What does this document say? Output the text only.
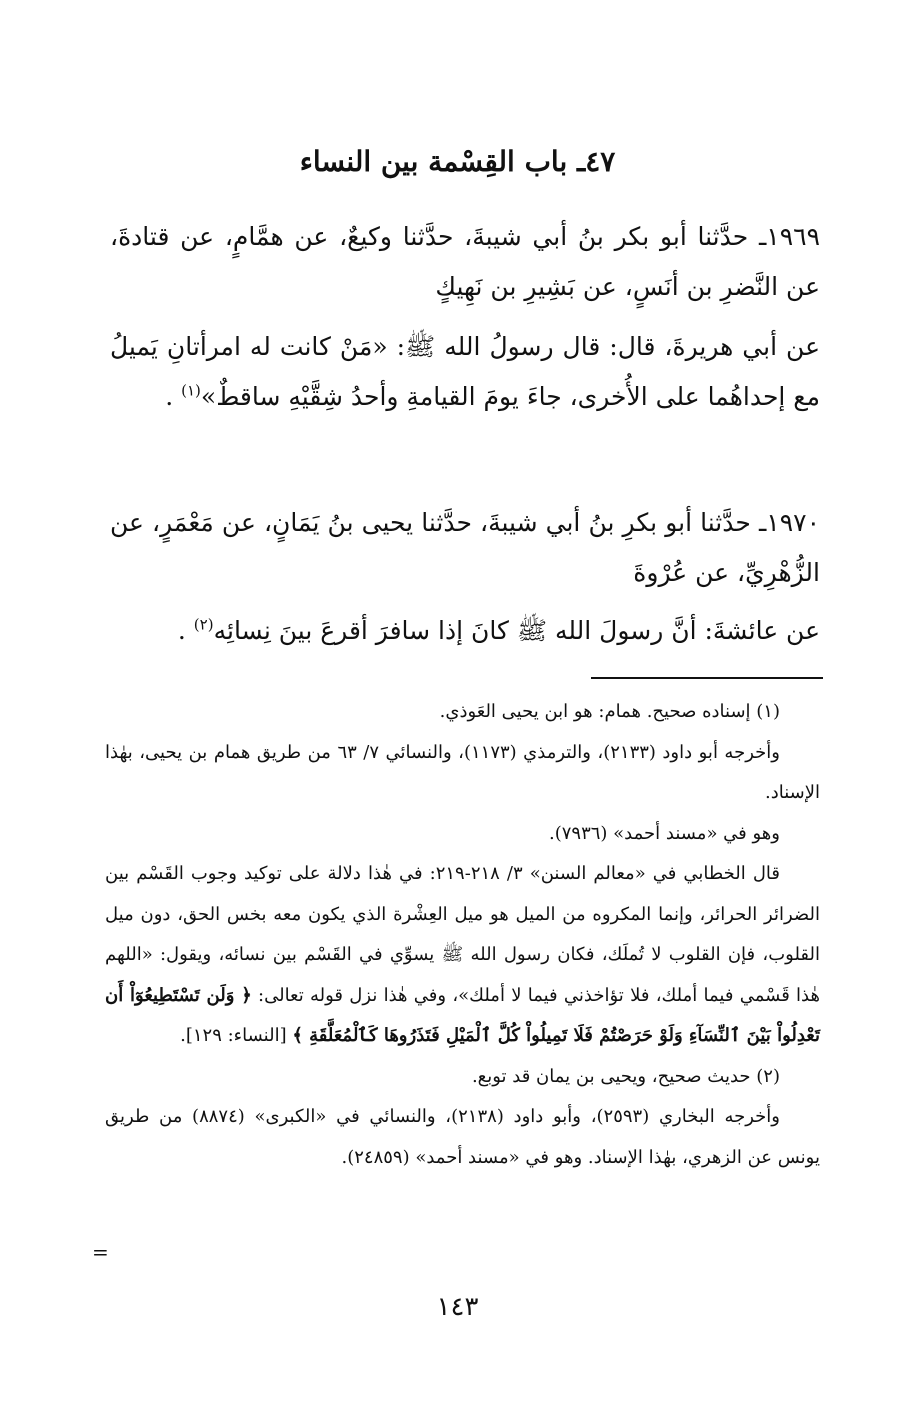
٤٧ـ باب القِسْمة بين النساء

١٩٦٩ـ حدَّثنا أبو بكر بنُ أبي شيبةَ، حدَّثنا وكيعٌ، عن همَّامٍ، عن قتادةَ، عن النَّضرِ بن أنَسٍ، عن بَشِيرِ بن نَهِيكٍ

عن أبي هريرةَ، قال: قال رسولُ الله ﷺ: «مَنْ كانت له امرأتانِ يَميلُ مع إحداهُما على الأُخرى، جاءَ يومَ القيامةِ وأحدُ شِقَّيْهِ ساقطٌ»$^{(١)}$ .

١٩٧٠ـ حدَّثنا أبو بكرِ بنُ أبي شيبةَ، حدَّثنا يحيى بنُ يَمَانٍ، عن مَعْمَرٍ، عن الزُّهْرِيِّ، عن عُرْوةَ

عن عائشةَ: أنَّ رسولَ الله ﷺ كانَ إذا سافرَ أقرعَ بينَ نِسائِه$^{(٢)}$ .

(١) إسناده صحيح. همام: هو ابن يحيى العَوذي.

وأخرجه أبو داود (٢١٣٣)، والترمذي (١١٧٣)، والنسائي ٧/ ٦٣ من طريق همام بن يحيى، بهٰذا الإسناد.

وهو في «مسند أحمد» (٧٩٣٦).

قال الخطابي في «معالم السنن» ٣/ ٢١٨-٢١٩: في هٰذا دلالة على توكيد وجوب القَسْم بين الضرائر الحرائر، وإنما المكروه من الميل هو ميل العِشْرة الذي يكون معه بخس الحق، دون ميل القلوب، فإن القلوب لا تُملَك، فكان رسول الله ﷺ يسوِّي في القَسْم بين نسائه، ويقول: «اللهم هٰذا قَسْمي فيما أملك، فلا تؤاخذني فيما لا أملك»، وفي هٰذا نزل قوله تعالى: ﴿ وَلَن تَسْتَطِيعُوٓاْ أَن تَعْدِلُواْ بَيْنَ ٱلنِّسَآءِ وَلَوْ حَرَصْتُمْ فَلَا تَمِيلُواْ كُلَّ ٱلْمَيْلِ فَتَذَرُوهَا كَٱلْمُعَلَّقَةِ ﴾ [النساء: ١٢٩].

(٢) حديث صحيح، ويحيى بن يمان قد توبع.

وأخرجه البخاري (٢٥٩٣)، وأبو داود (٢١٣٨)، والنسائي في «الكبرى» (٨٨٧٤) من طريق يونس عن الزهري، بهٰذا الإسناد. وهو في «مسند أحمد» (٢٤٨٥٩).

=
١٤٣
